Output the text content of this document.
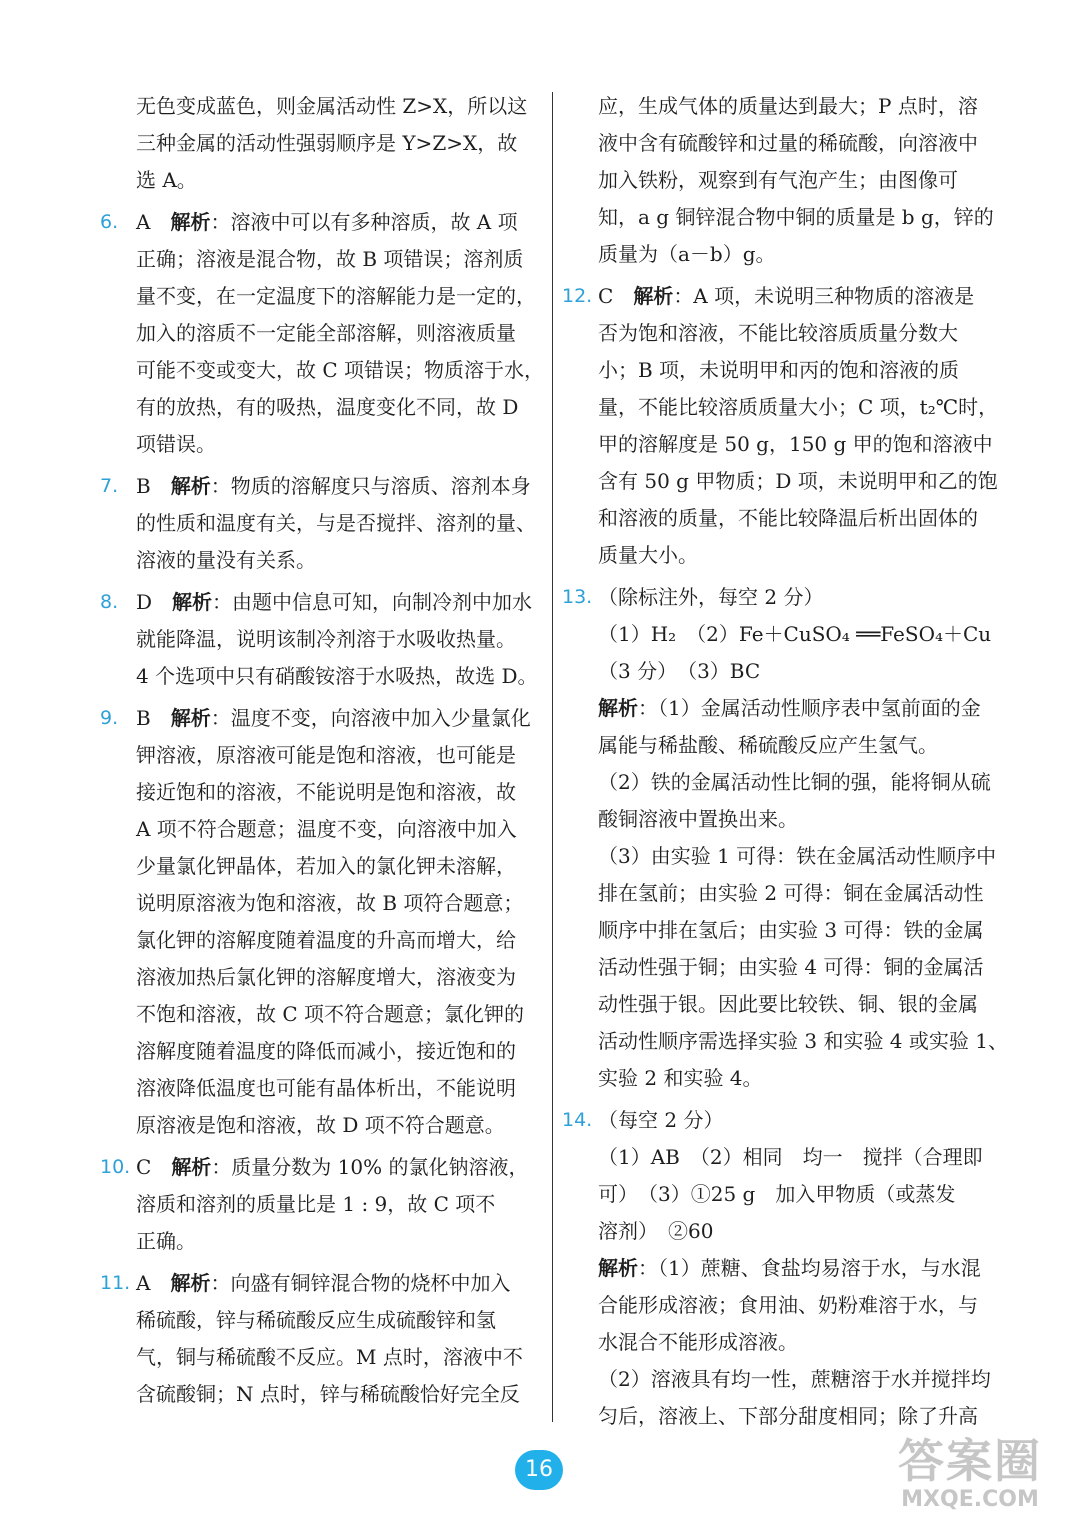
无色变成蓝色，则金属活动性 Z>X，所以这
三种金属的活动性强弱顺序是 Y>Z>X，故
选 A。
6. A　 解析：溶液中可以有多种溶质，故 A 项
正确；溶液是混合物，故 B 项错误；溶剂质
量不变，在一定温度下的溶解能力是一定的，
加入的溶质不一定能全部溶解，则溶液质量
可能不变或变大，故 C 项错误；物质溶于水，
有的放热，有的吸热，温度变化不同，故 D
项错误。
7. B　 解析：物质的溶解度只与溶质、溶剂本身
的性质和温度有关，与是否搅拌、溶剂的量、
溶液的量没有关系。
8. D　 解析：由题中信息可知，向制冷剂中加水
就能降温，说明该制冷剂溶于水吸收热量。
4 个选项中只有硝酸铵溶于水吸热，故选 D。
9. B　 解析：温度不变，向溶液中加入少量氯化
钾溶液，原溶液可能是饱和溶液，也可能是
接近饱和的溶液，不能说明是饱和溶液，故
A 项不符合题意；温度不变，向溶液中加入
少量氯化钾晶体，若加入的氯化钾未溶解，
说明原溶液为饱和溶液，故 B 项符合题意；
氯化钾的溶解度随着温度的升高而增大，给
溶液加热后氯化钾的溶解度增大，溶液变为
不饱和溶液，故 C 项不符合题意；氯化钾的
溶解度随着温度的降低而减小，接近饱和的
溶液降低温度也可能有晶体析出，不能说明
原溶液是饱和溶液，故 D 项不符合题意。
10. C　 解析：质量分数为 10% 的氯化钠溶液，
溶质和溶剂的质量比是 1 : 9，故 C 项不
正确。
11. A　 解析：向盛有铜锌混合物的烧杯中加入
稀硫酸，锌与稀硫酸反应生成硫酸锌和氢
气，铜与稀硫酸不反应。M 点时，溶液中不
含硫酸铜；N 点时，锌与稀硫酸恰好完全反
应，生成气体的质量达到最大；P 点时，溶
液中含有硫酸锌和过量的稀硫酸，向溶液中
加入铁粉，观察到有气泡产生；由图像可
知，a g 铜锌混合物中铜的质量是 b g，锌的
质量为（a－b）g。
12. C　 解析：A 项，未说明三种物质的溶液是
否为饱和溶液，不能比较溶质质量分数大
小；B 项，未说明甲和丙的饱和溶液的质
量，不能比较溶质质量大小；C 项，t₂℃时，
甲的溶解度是 50 g，150 g 甲的饱和溶液中
含有 50 g 甲物质；D 项，未说明甲和乙的饱
和溶液的质量，不能比较降温后析出固体的
质量大小。
13. （除标注外，每空 2 分）
（1）H₂　（2）Fe＋CuSO₄ ══FeSO₄＋Cu
（3 分）　（3）BC
解析：（1）金属活动性顺序表中氢前面的金
属能与稀盐酸、稀硫酸反应产生氢气。
（2）铁的金属活动性比铜的强，能将铜从硫
酸铜溶液中置换出来。
（3）由实验 1 可得：铁在金属活动性顺序中
排在氢前；由实验 2 可得：铜在金属活动性
顺序中排在氢后；由实验 3 可得：铁的金属
活动性强于铜；由实验 4 可得：铜的金属活
动性强于银。因此要比较铁、铜、银的金属
活动性顺序需选择实验 3 和实验 4 或实验 1、
实验 2 和实验 4。
14. （每空 2 分）
（1）AB　（2）相同　均一　搅拌（合理即
可）　（3）①25 g　加入甲物质（或蒸发
溶剂）　②60
解析：（1）蔗糖、食盐均易溶于水，与水混
合能形成溶液；食用油、奶粉难溶于水，与
水混合不能形成溶液。
（2）溶液具有均一性，蔗糖溶于水并搅拌均
匀后，溶液上、下部分甜度相同；除了升高
16	答案圈
MXQE.COM
